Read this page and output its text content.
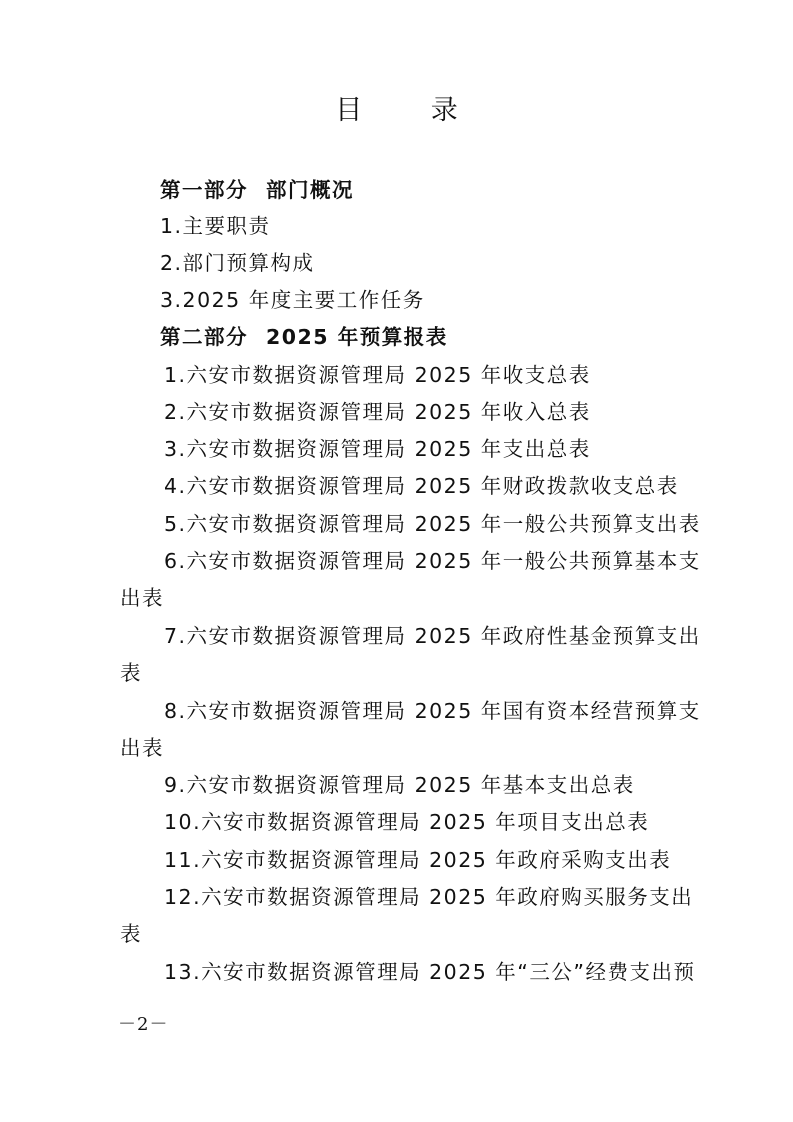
目 录
第一部分 部门概况
1.主要职责
2.部门预算构成
3.2025 年度主要工作任务
第二部分 2025 年预算报表
1.六安市数据资源管理局 2025 年收支总表
2.六安市数据资源管理局 2025 年收入总表
3.六安市数据资源管理局 2025 年支出总表
4.六安市数据资源管理局 2025 年财政拨款收支总表
5.六安市数据资源管理局 2025 年一般公共预算支出表
6.六安市数据资源管理局 2025 年一般公共预算基本支
出表
7.六安市数据资源管理局 2025 年政府性基金预算支出
表
8.六安市数据资源管理局 2025 年国有资本经营预算支
出表
9.六安市数据资源管理局 2025 年基本支出总表
10.六安市数据资源管理局 2025 年项目支出总表
11.六安市数据资源管理局 2025 年政府采购支出表
12.六安市数据资源管理局 2025 年政府购买服务支出
表
13.六安市数据资源管理局 2025 年“三公”经费支出预
－2－
